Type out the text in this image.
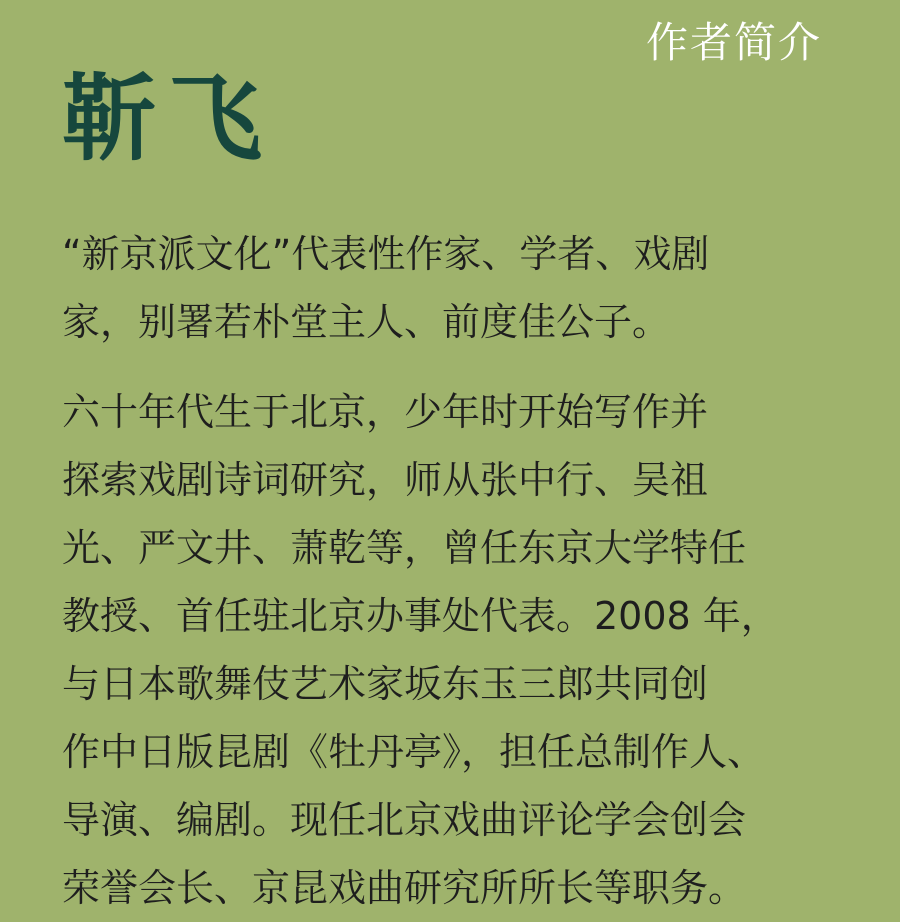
作者简介
靳飞

“新京派文化”代表性作家、学者、戏剧
家，别署若朴堂主人、前度佳公子。

六十年代生于北京，少年时开始写作并
探索戏剧诗词研究，师从张中行、吴祖
光、严文井、萧乾等，曾任东京大学特任
教授、首任驻北京办事处代表。2008 年，
与日本歌舞伎艺术家坂东玉三郎共同创
作中日版昆剧《牡丹亭》，担任总制作人、
导演、编剧。现任北京戏曲评论学会创会
荣誉会长、京昆戏曲研究所所长等职务。
